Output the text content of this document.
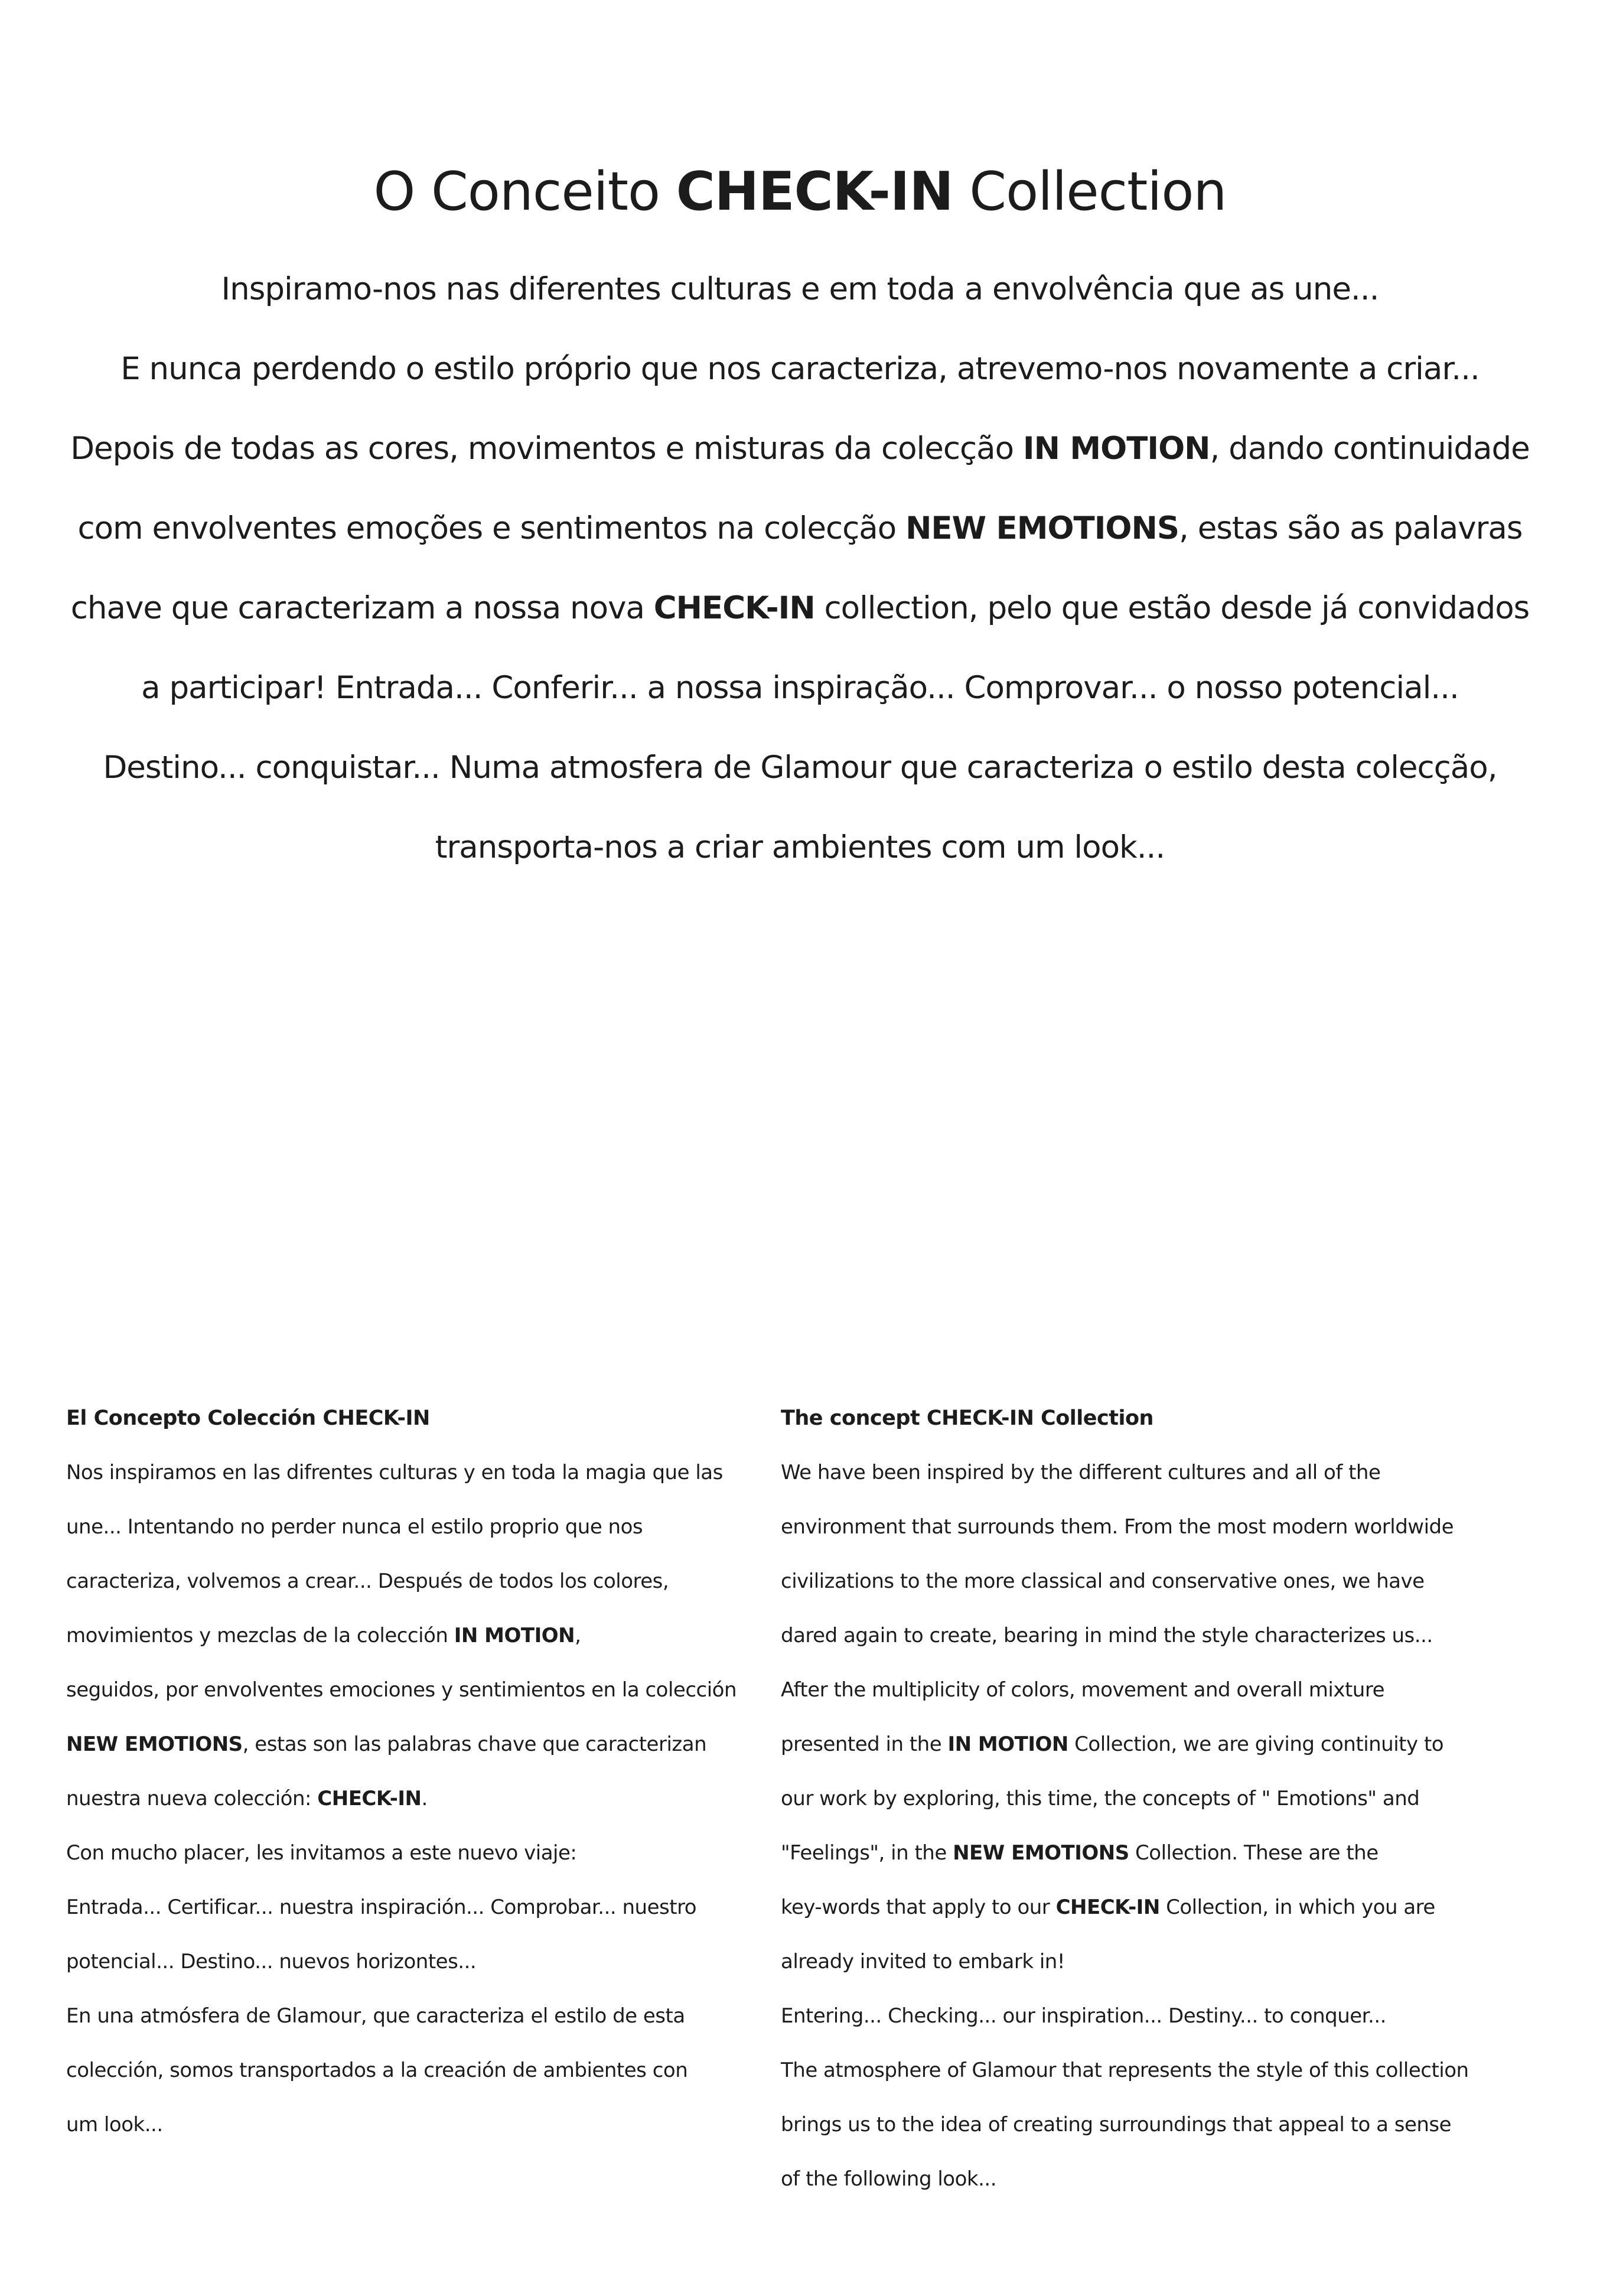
O Conceito CHECK-IN Collection

Inspiramo-nos nas diferentes culturas e em toda a envolvência que as une...

E nunca perdendo o estilo próprio que nos caracteriza, atrevemo-nos novamente a criar...

Depois de todas as cores, movimentos e misturas da colecção IN MOTION, dando continuidade

com envolventes emoções e sentimentos na colecção NEW EMOTIONS, estas são as palavras

chave que caracterizam a nossa nova CHECK-IN collection, pelo que estão desde já convidados

a participar! Entrada... Conferir... a nossa inspiração... Comprovar... o nosso potencial...

Destino... conquistar... Numa atmosfera de Glamour que caracteriza o estilo desta colecção,

transporta-nos a criar ambientes com um look...

El Concepto Colección CHECK-IN

Nos inspiramos en las difrentes culturas y en toda la magia que las

une... Intentando no perder nunca el estilo proprio que nos

caracteriza, volvemos a crear... Después de todos los colores,

movimientos y mezclas de la colección IN MOTION,

seguidos, por envolventes emociones y sentimientos en la colección

NEW EMOTIONS, estas son las palabras chave que caracterizan

nuestra nueva colección: CHECK-IN.

Con mucho placer, les invitamos a este nuevo viaje:

Entrada... Certificar... nuestra inspiración... Comprobar... nuestro

potencial... Destino... nuevos horizontes...

En una atmósfera de Glamour, que caracteriza el estilo de esta

colección, somos transportados a la creación de ambientes con

um look...

The concept CHECK-IN Collection

We have been inspired by the different cultures and all of the

environment that surrounds them. From the most modern worldwide

civilizations to the more classical and conservative ones, we have

dared again to create, bearing in mind the style characterizes us...

After the multiplicity of colors, movement and overall mixture

presented in the IN MOTION Collection, we are giving continuity to

our work by exploring, this time, the concepts of " Emotions" and

"Feelings", in the NEW EMOTIONS Collection. These are the

key-words that apply to our CHECK-IN Collection, in which you are

already invited to embark in!

Entering... Checking... our inspiration... Destiny... to conquer...

The atmosphere of Glamour that represents the style of this collection

brings us to the idea of creating surroundings that appeal to a sense

of the following look...
